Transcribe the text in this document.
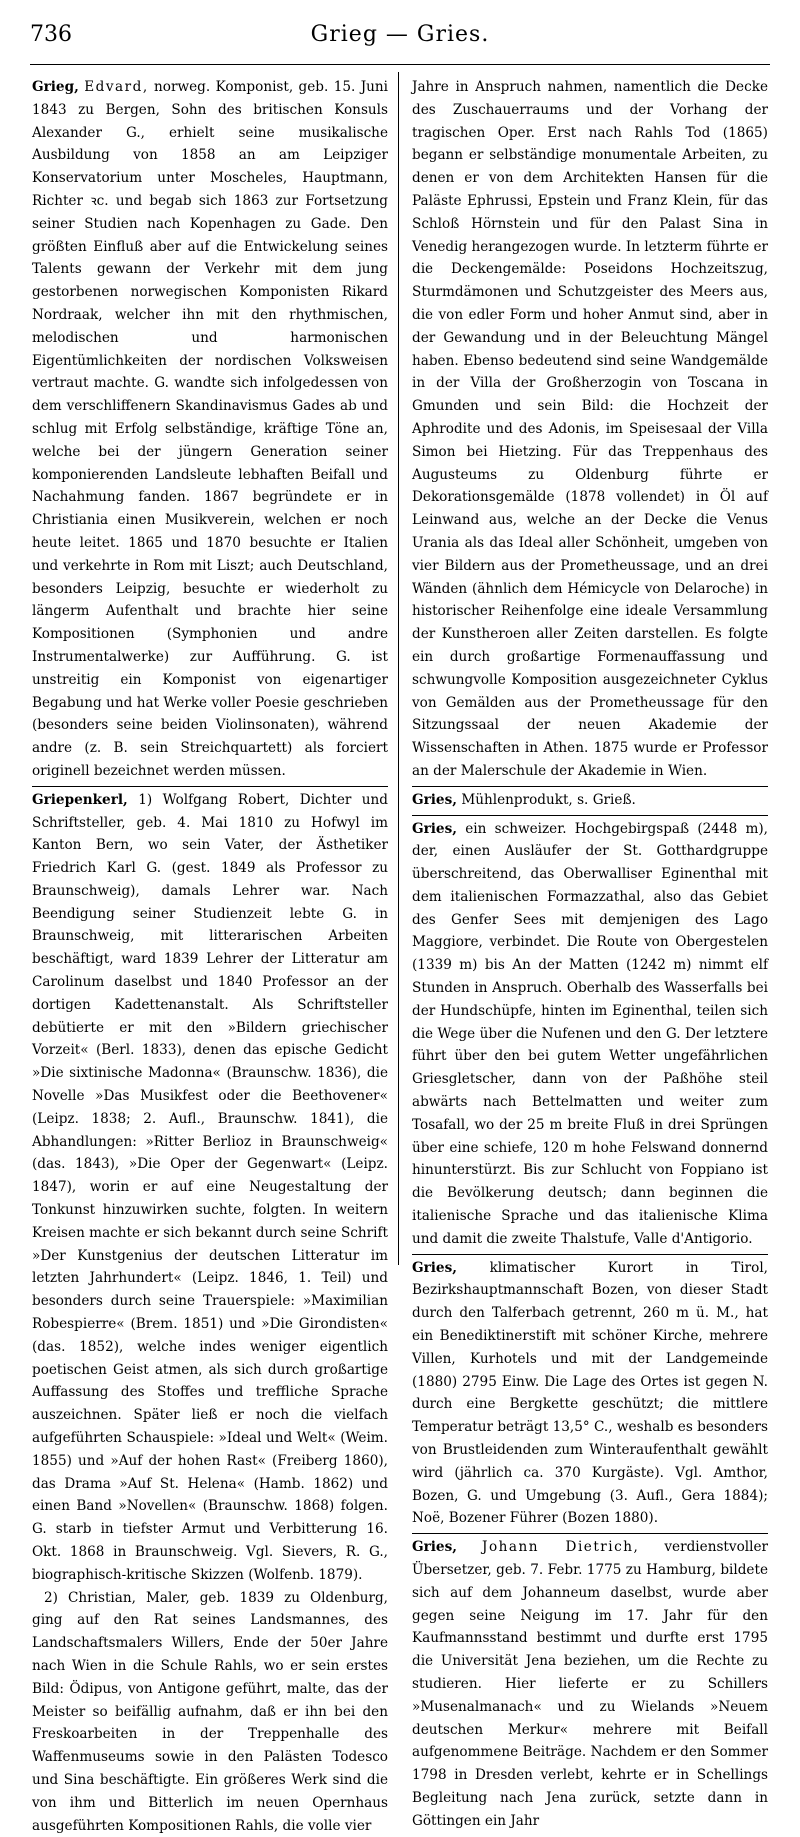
736	Grieg — Gries.

Grieg, Edvard, norweg. Komponist, geb. 15. Juni 1843 zu Bergen, Sohn des britischen Konsuls Alexander G., erhielt seine musikalische Ausbildung von 1858 an am Leipziger Konservatorium unter Moscheles, Hauptmann, Richter ꝛc. und begab sich 1863 zur Fortsetzung seiner Studien nach Kopenhagen zu Gade. Den größten Einfluß aber auf die Entwickelung seines Talents gewann der Verkehr mit dem jung gestorbenen norwegischen Komponisten Rikard Nordraak, welcher ihn mit den rhythmischen, melodischen und harmonischen Eigentümlichkeiten der nordischen Volksweisen vertraut machte. G. wandte sich infolgedessen von dem verschliffenern Skandinavismus Gades ab und schlug mit Erfolg selbständige, kräftige Töne an, welche bei der jüngern Generation seiner komponierenden Landsleute lebhaften Beifall und Nachahmung fanden. 1867 begründete er in Christiania einen Musikverein, welchen er noch heute leitet. 1865 und 1870 besuchte er Italien und verkehrte in Rom mit Liszt; auch Deutschland, besonders Leipzig, besuchte er wiederholt zu längerm Aufenthalt und brachte hier seine Kompositionen (Symphonien und andre Instrumentalwerke) zur Aufführung. G. ist unstreitig ein Komponist von eigenartiger Begabung und hat Werke voller Poesie geschrieben (besonders seine beiden Violinsonaten), während andre (z. B. sein Streichquartett) als forciert originell bezeichnet werden müssen.

Griepenkerl, 1) Wolfgang Robert, Dichter und Schriftsteller, geb. 4. Mai 1810 zu Hofwyl im Kanton Bern, wo sein Vater, der Ästhetiker Friedrich Karl G. (gest. 1849 als Professor zu Braunschweig), damals Lehrer war. Nach Beendigung seiner Studienzeit lebte G. in Braunschweig, mit litterarischen Arbeiten beschäftigt, ward 1839 Lehrer der Litteratur am Carolinum daselbst und 1840 Professor an der dortigen Kadettenanstalt. Als Schriftsteller debütierte er mit den »Bildern griechischer Vorzeit« (Berl. 1833), denen das epische Gedicht »Die sixtinische Madonna« (Braunschw. 1836), die Novelle »Das Musikfest oder die Beethovener« (Leipz. 1838; 2. Aufl., Braunschw. 1841), die Abhandlungen: »Ritter Berlioz in Braunschweig« (das. 1843), »Die Oper der Gegenwart« (Leipz. 1847), worin er auf eine Neugestaltung der Tonkunst hinzuwirken suchte, folgten. In weitern Kreisen machte er sich bekannt durch seine Schrift »Der Kunstgenius der deutschen Litteratur im letzten Jahrhundert« (Leipz. 1846, 1. Teil) und besonders durch seine Trauerspiele: »Maximilian Robespierre« (Brem. 1851) und »Die Girondisten« (das. 1852), welche indes weniger eigentlich poetischen Geist atmen, als sich durch großartige Auffassung des Stoffes und treffliche Sprache auszeichnen. Später ließ er noch die vielfach aufgeführten Schauspiele: »Ideal und Welt« (Weim. 1855) und »Auf der hohen Rast« (Freiberg 1860), das Drama »Auf St. Helena« (Hamb. 1862) und einen Band »Novellen« (Braunschw. 1868) folgen. G. starb in tiefster Armut und Verbitterung 16. Okt. 1868 in Braunschweig. Vgl. Sievers, R. G., biographisch-kritische Skizzen (Wolfenb. 1879).

2) Christian, Maler, geb. 1839 zu Oldenburg, ging auf den Rat seines Landsmannes, des Landschaftsmalers Willers, Ende der 50er Jahre nach Wien in die Schule Rahls, wo er sein erstes Bild: Ödipus, von Antigone geführt, malte, das der Meister so beifällig aufnahm, daß er ihn bei den Freskoarbeiten in der Treppenhalle des Waffenmuseums sowie in den Palästen Todesco und Sina beschäftigte. Ein größeres Werk sind die von ihm und Bitterlich im neuen Opernhaus ausgeführten Kompositionen Rahls, die volle vier

Jahre in Anspruch nahmen, namentlich die Decke des Zuschauerraums und der Vorhang der tragischen Oper. Erst nach Rahls Tod (1865) begann er selbständige monumentale Arbeiten, zu denen er von dem Architekten Hansen für die Paläste Ephrussi, Epstein und Franz Klein, für das Schloß Hörnstein und für den Palast Sina in Venedig herangezogen wurde. In letzterm führte er die Deckengemälde: Poseidons Hochzeitszug, Sturmdämonen und Schutzgeister des Meers aus, die von edler Form und hoher Anmut sind, aber in der Gewandung und in der Beleuchtung Mängel haben. Ebenso bedeutend sind seine Wandgemälde in der Villa der Großherzogin von Toscana in Gmunden und sein Bild: die Hochzeit der Aphrodite und des Adonis, im Speisesaal der Villa Simon bei Hietzing. Für das Treppenhaus des Augusteums zu Oldenburg führte er Dekorationsgemälde (1878 vollendet) in Öl auf Leinwand aus, welche an der Decke die Venus Urania als das Ideal aller Schönheit, umgeben von vier Bildern aus der Prometheussage, und an drei Wänden (ähnlich dem Hémicycle von Delaroche) in historischer Reihenfolge eine ideale Versammlung der Kunstheroen aller Zeiten darstellen. Es folgte ein durch großartige Formenauffassung und schwungvolle Komposition ausgezeichneter Cyklus von Gemälden aus der Prometheussage für den Sitzungssaal der neuen Akademie der Wissenschaften in Athen. 1875 wurde er Professor an der Malerschule der Akademie in Wien.

Gries, Mühlenprodukt, s. Grieß.

Gries, ein schweizer. Hochgebirgspaß (2448 m), der, einen Ausläufer der St. Gotthardgruppe überschreitend, das Oberwalliser Eginenthal mit dem italienischen Formazzathal, also das Gebiet des Genfer Sees mit demjenigen des Lago Maggiore, verbindet. Die Route von Obergestelen (1339 m) bis An der Matten (1242 m) nimmt elf Stunden in Anspruch. Oberhalb des Wasserfalls bei der Hundschüpfe, hinten im Eginenthal, teilen sich die Wege über die Nufenen und den G. Der letztere führt über den bei gutem Wetter ungefährlichen Griesgletscher, dann von der Paßhöhe steil abwärts nach Bettelmatten und weiter zum Tosafall, wo der 25 m breite Fluß in drei Sprüngen über eine schiefe, 120 m hohe Felswand donnernd hinunterstürzt. Bis zur Schlucht von Foppiano ist die Bevölkerung deutsch; dann beginnen die italienische Sprache und das italienische Klima und damit die zweite Thalstufe, Valle d'Antigorio.

Gries, klimatischer Kurort in Tirol, Bezirkshauptmannschaft Bozen, von dieser Stadt durch den Talferbach getrennt, 260 m ü. M., hat ein Benediktinerstift mit schöner Kirche, mehrere Villen, Kurhotels und mit der Landgemeinde (1880) 2795 Einw. Die Lage des Ortes ist gegen N. durch eine Bergkette geschützt; die mittlere Temperatur beträgt 13,5° C., weshalb es besonders von Brustleidenden zum Winteraufenthalt gewählt wird (jährlich ca. 370 Kurgäste). Vgl. Amthor, Bozen, G. und Umgebung (3. Aufl., Gera 1884); Noë, Bozener Führer (Bozen 1880).

Gries, Johann Dietrich, verdienstvoller Übersetzer, geb. 7. Febr. 1775 zu Hamburg, bildete sich auf dem Johanneum daselbst, wurde aber gegen seine Neigung im 17. Jahr für den Kaufmannsstand bestimmt und durfte erst 1795 die Universität Jena beziehen, um die Rechte zu studieren. Hier lieferte er zu Schillers »Musenalmanach« und zu Wielands »Neuem deutschen Merkur« mehrere mit Beifall aufgenommene Beiträge. Nachdem er den Sommer 1798 in Dresden verlebt, kehrte er in Schellings Begleitung nach Jena zurück, setzte dann in Göttingen ein Jahr
